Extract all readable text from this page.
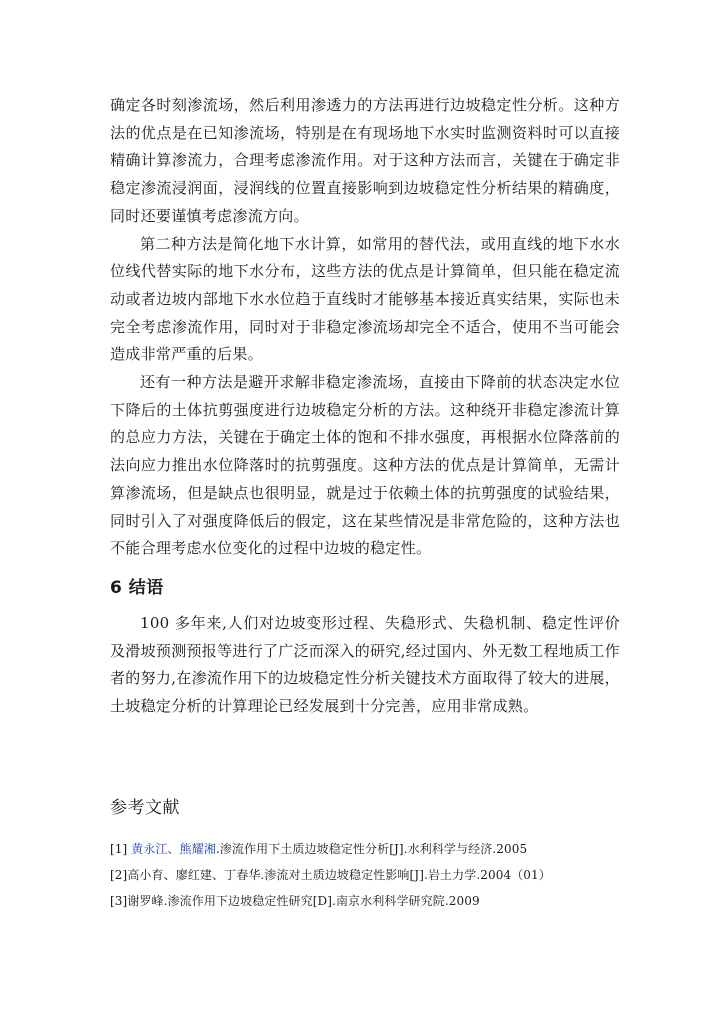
确定各时刻渗流场，然后利用渗透力的方法再进行边坡稳定性分析。这种方法的优点是在已知渗流场，特别是在有现场地下水实时监测资料时可以直接精确计算渗流力，合理考虑渗流作用。对于这种方法而言，关键在于确定非稳定渗流浸润面，浸润线的位置直接影响到边坡稳定性分析结果的精确度，同时还要谨慎考虑渗流方向。

第二种方法是简化地下水计算，如常用的替代法，或用直线的地下水水位线代替实际的地下水分布，这些方法的优点是计算简单，但只能在稳定流动或者边坡内部地下水水位趋于直线时才能够基本接近真实结果，实际也未完全考虑渗流作用，同时对于非稳定渗流场却完全不适合，使用不当可能会造成非常严重的后果。

还有一种方法是避开求解非稳定渗流场，直接由下降前的状态决定水位下降后的土体抗剪强度进行边坡稳定分析的方法。这种绕开非稳定渗流计算的总应力方法，关键在于确定土体的饱和不排水强度，再根据水位降落前的法向应力推出水位降落时的抗剪强度。这种方法的优点是计算简单，无需计算渗流场，但是缺点也很明显，就是过于依赖土体的抗剪强度的试验结果，同时引入了对强度降低后的假定，这在某些情况是非常危险的，这种方法也不能合理考虑水位变化的过程中边坡的稳定性。

6 结语

100 多年来,人们对边坡变形过程、失稳形式、失稳机制、稳定性评价及滑坡预测预报等进行了广泛而深入的研究,经过国内、外无数工程地质工作者的努力,在渗流作用下的边坡稳定性分析关键技术方面取得了较大的进展，土坡稳定分析的计算理论已经发展到十分完善，应用非常成熟。

参考文献

[1] 黄永江、熊耀湘.渗流作用下土质边坡稳定性分析[J].水利科学与经济.2005

[2]高小育、廖红建、丁春华.渗流对土质边坡稳定性影响[J].岩土力学.2004（01）

[3]谢罗峰.渗流作用下边坡稳定性研究[D].南京水利科学研究院.2009
